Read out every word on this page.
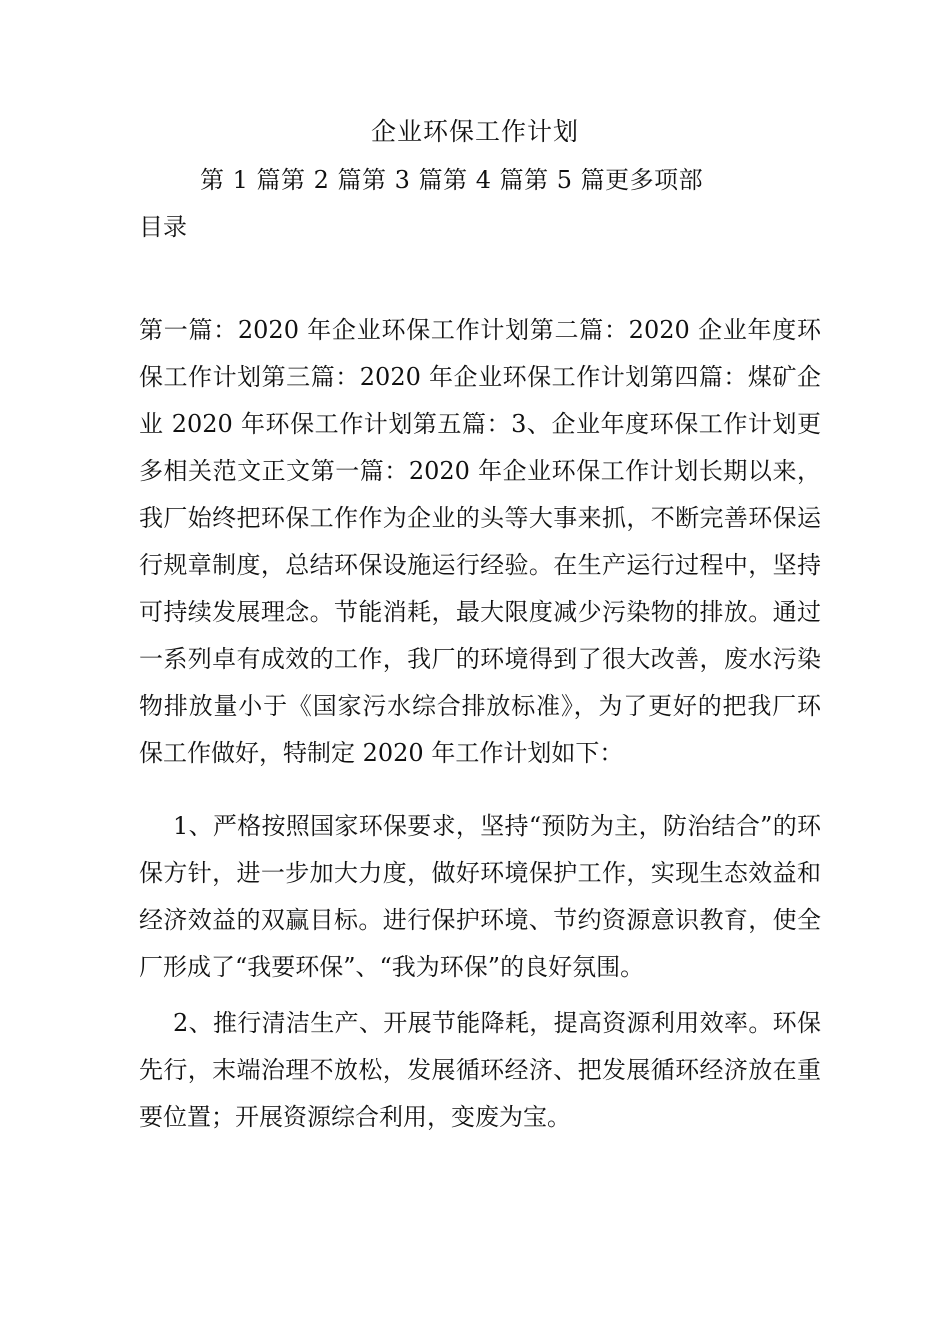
企业环保工作计划
第 1 篇第 2 篇第 3 篇第 4 篇第 5 篇更多项部
目录
第一篇：2020 年企业环保工作计划第二篇：2020 企业年度环保工作计划第三篇：2020 年企业环保工作计划第四篇：煤矿企业 2020 年环保工作计划第五篇：3、企业年度环保工作计划更多相关范文正文第一篇：2020 年企业环保工作计划长期以来，我厂始终把环保工作作为企业的头等大事来抓，不断完善环保运行规章制度，总结环保设施运行经验。在生产运行过程中，坚持可持续发展理念。节能消耗，最大限度减少污染物的排放。通过一系列卓有成效的工作，我厂的环境得到了很大改善，废水污染物排放量小于《国家污水综合排放标准》，为了更好的把我厂环保工作做好，特制定 2020 年工作计划如下：
1、严格按照国家环保要求，坚持“预防为主，防治结合”的环保方针，进一步加大力度，做好环境保护工作，实现生态效益和经济效益的双赢目标。进行保护环境、节约资源意识教育，使全厂形成了“我要环保”、“我为环保”的良好氛围。
2、推行清洁生产、开展节能降耗，提高资源利用效率。环保先行，末端治理不放松，发展循环经济、把发展循环经济放在重要位置；开展资源综合利用，变废为宝。
